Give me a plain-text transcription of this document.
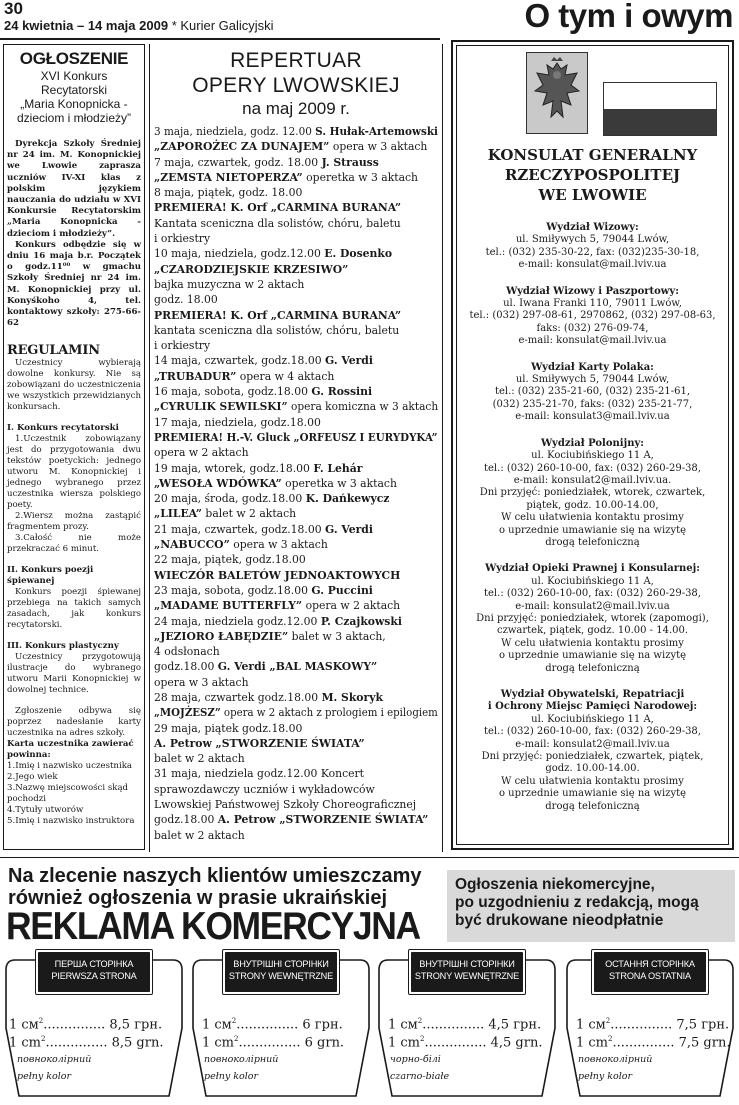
30
24 kwietnia – 14 maja 2009 * Kurier Galicyjski	O tym i owym
OGŁOSZENIE
XVI Konkurs
Recytatorski
„Maria Konopnicka -
dzieciom i młodzieży”

Dyrekcja Szkoły Średniej nr 24 im. M. Konopnickiej we Lwowie zaprasza uczniów IV-XI klas z polskim językiem nauczania do udziału w XVI Konkursie Recytatorskim „Maria Konopnicka - dzieciom i młodzieży”.

Konkurs odbędzie się w dniu 16 maja b.r. Początek o godz.11⁰⁰ w gmachu Szkoły Średniej nr 24 im. M. Konopnickiej przy ul. Konyśkoho 4, tel. kontaktowy szkoły: 275-66-62

REGULAMIN
Uczestnicy wybierają dowolne konkursy. Nie są zobowiązani do uczestniczenia we wszystkich przewidzianych konkursach.
I. Konkurs recytatorski
1.Uczestnik zobowiązany jest do przygotowania dwu tekstów poetyckich: jednego utworu M. Konopnickiej i jednego wybranego przez uczestnika wiersza polskiego poety.
2.Wiersz można zastąpić fragmentem prozy.
3.Całość nie może przekraczać 6 minut.
II. Konkurs poezji śpiewanej
Konkurs poezji śpiewanej przebiega na takich samych zasadach, jak konkurs recytatorski.
III. Konkurs plastyczny
Uczestnicy przygotowują ilustracje do wybranego utworu Marii Konopnickiej w dowolnej technice.
Zgłoszenie odbywa się poprzez nadesłanie karty uczestnika na adres szkoły.
Karta uczestnika zawierać powinna:
1.Imię i nazwisko uczestnika
2.Jego wiek
3.Nazwę miejscowości skąd pochodzi
4.Tytuły utworów
5.Imię i nazwisko instruktora
REPERTUAR
OPERY LWOWSKIEJ
na maj 2009 r.
3 maja, niedziela, godz. 12.00 S. Hułak-Artemowski
„ZAPOROŻEC ZA DUNAJEM” opera w 3 aktach
7 maja, czwartek, godz. 18.00 J. Strauss
„ZEMSTA NIETOPERZA” operetka w 3 aktach
8 maja, piątek, godz. 18.00
PREMIERA! K. Orf „CARMINA BURANA”
Kantata sceniczna dla solistów, chóru, baletu
i orkiestry
10 maja, niedziela, godz.12.00 E. Dosenko
„CZARODZIEJSKIE KRZESIWO”
bajka muzyczna w 2 aktach
godz. 18.00
PREMIERA! K. Orf „CARMINA BURANA”
kantata sceniczna dla solistów, chóru, baletu
i orkiestry
14 maja, czwartek, godz.18.00 G. Verdi
„TRUBADUR” opera w 4 aktach
16 maja, sobota, godz.18.00 G. Rossini
„CYRULIK SEWILSKI” opera komiczna w 3 aktach
17 maja, niedziela, godz.18.00
PREMIERA! H.-V. Gluck „ORFEUSZ I EURYDYKA”
opera w 2 aktach
19 maja, wtorek, godz.18.00 F. Lehár
„WESOŁA WDÓWKA” operetka w 3 aktach
20 maja, środa, godz.18.00 K. Dańkewycz
„LILEA” balet w 2 aktach
21 maja, czwartek, godz.18.00 G. Verdi
„NABUCCO” opera w 3 aktach
22 maja, piątek, godz.18.00
WIECZÓR BALETÓW JEDNOAKTOWYCH
23 maja, sobota, godz.18.00 G. Puccini
„MADAME BUTTERFLY” opera w 2 aktach
24 maja, niedziela godz.12.00 P. Czajkowski
„JEZIORO ŁABĘDZIE” balet w 3 aktach,
4 odsłonach
godz.18.00 G. Verdi „BAL MASKOWY”
opera w 3 aktach
28 maja, czwartek godz.18.00 M. Skoryk
„MOJŻESZ” opera w 2 aktach z prologiem i epilogiem
29 maja, piątek godz.18.00
A. Petrow „STWORZENIE ŚWIATA”
balet w 2 aktach
31 maja, niedziela godz.12.00 Koncert
sprawozdawczy uczniów i wykładowców
Lwowskiej Państwowej Szkoły Choreograficznej
godz.18.00 A. Petrow „STWORZENIE ŚWIATA”
balet w 2 aktach
KONSULAT GENERALNY
RZECZYPOSPOLITEJ
WE LWOWIE
Wydział Wizowy:
ul. Smiływych 5, 79044 Lwów,
tel.: (032) 235-30-22, fax: (032)235-30-18,
e-mail: konsulat@mail.lviv.ua
Wydział Wizowy i Paszportowy:
ul. Iwana Franki 110, 79011 Lwów,
tel.: (032) 297-08-61, 2970862, (032) 297-08-63,
faks: (032) 276-09-74,
e-mail: konsulat@mail.lviv.ua
Wydział Karty Polaka:
ul. Smiływych 5, 79044 Lwów,
tel.: (032) 235-21-60, (032) 235-21-61,
(032) 235-21-70, faks: (032) 235-21-77,
e-mail: konsulat3@mail.lviv.ua
Wydział Polonijny:
ul. Kociubińskiego 11 A,
tel.: (032) 260-10-00, fax: (032) 260-29-38,
e-mail: konsulat2@mail.lviv.ua.
Dni przyjęć: poniedziałek, wtorek, czwartek,
piątek, godz. 10.00-14.00,
W celu ułatwienia kontaktu prosimy
o uprzednie umawianie się na wizytę
drogą telefoniczną
Wydział Opieki Prawnej i Konsularnej:
ul. Kociubińskiego 11 A,
tel.: (032) 260-10-00, fax: (032) 260-29-38,
e-mail: konsulat2@mail.lviv.ua
Dni przyjęć: poniedziałek, wtorek (zapomogi),
czwartek, piątek, godz. 10.00 - 14.00.
W celu ułatwienia kontaktu prosimy
o uprzednie umawianie się na wizytę
drogą telefoniczną
Wydział Obywatelski, Repatriacji
i Ochrony Miejsc Pamięci Narodowej:
ul. Kociubińskiego 11 A,
tel.: (032) 260-10-00, fax: (032) 260-29-38,
e-mail: konsulat2@mail.lviv.ua
Dni przyjęć: poniedziałek, czwartek, piątek,
godz. 10.00-14.00.
W celu ułatwienia kontaktu prosimy
o uprzednie umawianie się na wizytę
drogą telefoniczną
Na zlecenie naszych klientów umieszczamy
również ogłoszenia w prasie ukraińskiej
REKLAMA KOMERCYJNA
Ogłoszenia niekomercyjne,
po uzgodnieniu z redakcją, mogą
być drukowane nieodpłatnie
ПЕРША СТОРІНКА
PIERWSZA STRONA
1 $см^2$............... 8,5 грн.
1 $cm^2$............... 8,5 grn.
повноколірний
pełny kolor
ВНУТРІШНІ СТОРІНКИ
STRONY WEWNĘTRZNE
1 $см^2$............... 6 грн.
1 $cm^2$............... 6 grn.
повноколірний
pełny kolor
ВНУТРІШНІ СТОРІНКИ
STRONY WEWNĘTRZNE
1 $см^2$............... 4,5 грн.
1 $cm^2$............... 4,5 grn.
чорно-білі
czarno-białe
ОСТАННЯ СТОРІНКА
STRONA OSTATNIA
1 $см^2$............... 7,5 грн.
1 $cm^2$............... 7,5 grn.
повноколірний
pełny kolor
